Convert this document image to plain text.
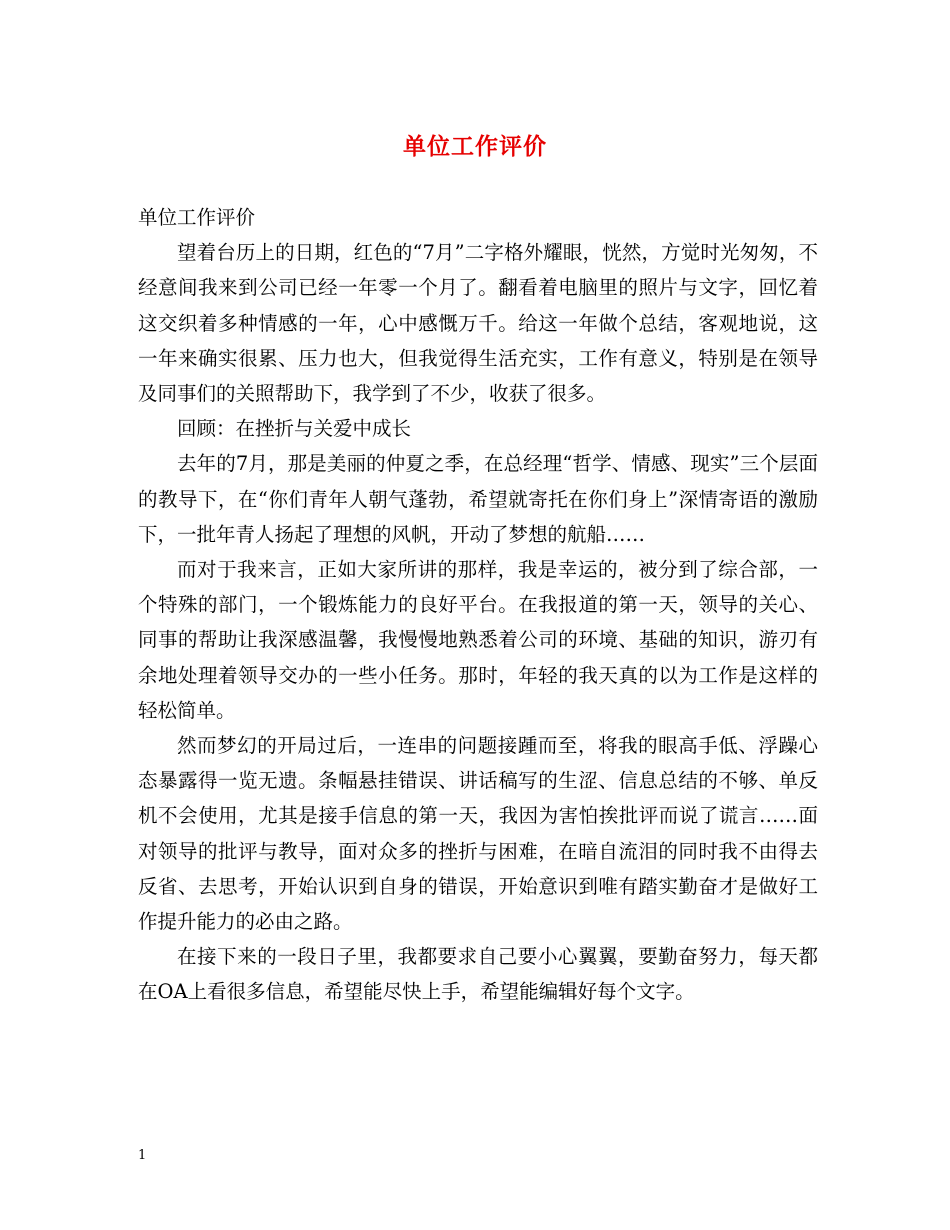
单位工作评价

单位工作评价

望着台历上的日期，红色的“7月”二字格外耀眼，恍然，方觉时光匆匆，不经意间我来到公司已经一年零一个月了。翻看着电脑里的照片与文字，回忆着这交织着多种情感的一年，心中感慨万千。给这一年做个总结，客观地说，这一年来确实很累、压力也大，但我觉得生活充实，工作有意义，特别是在领导及同事们的关照帮助下，我学到了不少，收获了很多。

回顾：在挫折与关爱中成长

去年的7月，那是美丽的仲夏之季，在总经理“哲学、情感、现实”三个层面的教导下，在“你们青年人朝气蓬勃，希望就寄托在你们身上”深情寄语的激励下，一批年青人扬起了理想的风帆，开动了梦想的航船……

而对于我来言，正如大家所讲的那样，我是幸运的，被分到了综合部，一个特殊的部门，一个锻炼能力的良好平台。在我报道的第一天，领导的关心、同事的帮助让我深感温馨，我慢慢地熟悉着公司的环境、基础的知识，游刃有余地处理着领导交办的一些小任务。那时，年轻的我天真的以为工作是这样的轻松简单。

然而梦幻的开局过后，一连串的问题接踵而至，将我的眼高手低、浮躁心态暴露得一览无遗。条幅悬挂错误、讲话稿写的生涩、信息总结的不够、单反机不会使用，尤其是接手信息的第一天，我因为害怕挨批评而说了谎言……面对领导的批评与教导，面对众多的挫折与困难，在暗自流泪的同时我不由得去反省、去思考，开始认识到自身的错误，开始意识到唯有踏实勤奋才是做好工作提升能力的必由之路。

在接下来的一段日子里，我都要求自己要小心翼翼，要勤奋努力，每天都在OA上看很多信息，希望能尽快上手，希望能编辑好每个文字。

1
